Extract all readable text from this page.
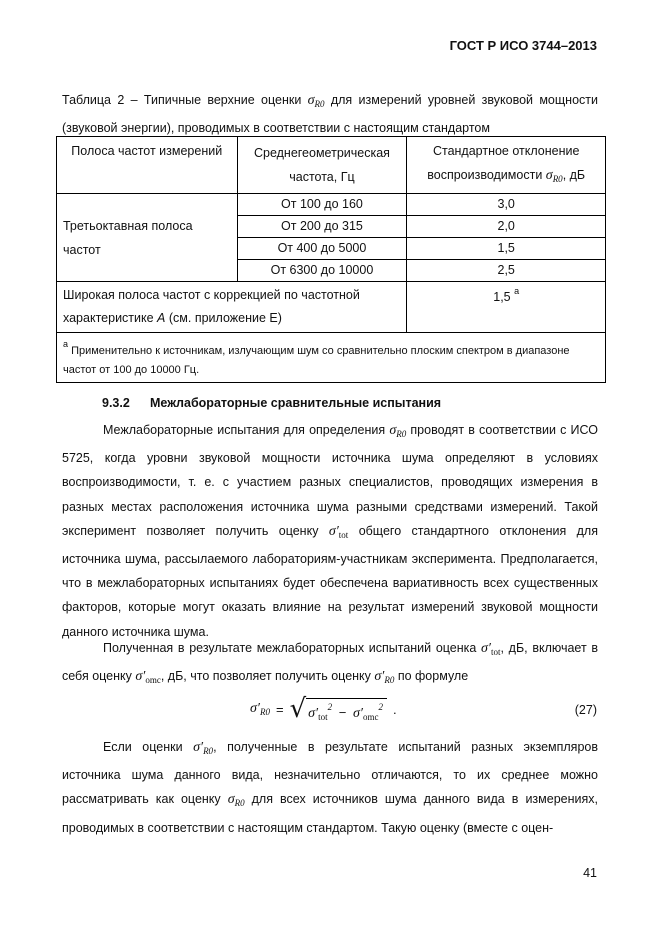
ГОСТ Р ИСО 3744–2013
Таблица 2 – Типичные верхние оценки $\sigma_{R0}$ для измерений уровней звуковой мощности (звуковой энергии), проводимых в соответствии с настоящим стандартом
Полоса частот измерений	Среднегеометрическая частота, Гц	Стандартное отклонение воспроизводимости $\sigma_{R0}$, дБ
Третьоктавная полоса частот	От 100 до 160	3,0
	От 200 до 315	2,0
	От 400 до 5000	1,5
	От 6300 до 10000	2,5
Широкая полоса частот с коррекцией по частотной характеристике А (см. приложение Е)		1,5 $^а$
$^а$ Применительно к источникам, излучающим шум со сравнительно плоским спектром в диапазоне частот от 100 до 10000 Гц.		
9.3.2 Межлабораторные сравнительные испытания
Межлабораторные испытания для определения $\sigma_{R0}$ проводят в соответствии с ИСО 5725, когда уровни звуковой мощности источника шума определяют в условиях воспроизводимости, т. е. с участием разных специалистов, проводящих измерения в разных местах расположения источника шума разными средствами измерений. Такой эксперимент позволяет получить оценку $\sigma'_{tot}$ общего стандартного отклонения для источника шума, рассылаемого лабораториям-участникам эксперимента. Предполагается, что в межлабораторных испытаниях будет обеспечена вариативность всех существенных факторов, которые могут оказать влияние на результат измерений звуковой мощности данного источника шума.
Полученная в результате межлабораторных испытаний оценка $\sigma'_{tot}$, дБ, включает в себя оценку $\sigma'_{omc}$, дБ, что позволяет получить оценку $\sigma'_{R0}$ по формуле
$\sigma'_{R0}$ = √ $\sigma'_{tot}^2 - \sigma'_{omc}^2$ .	(27)
Если оценки $\sigma'_{R0}$, полученные в результате испытаний разных экземпляров источника шума данного вида, незначительно отличаются, то их среднее можно рассматривать как оценку $\sigma_{R0}$ для всех источников шума данного вида в измерениях, проводимых в соответствии с настоящим стандартом. Такую оценку (вместе с оцен-
41
